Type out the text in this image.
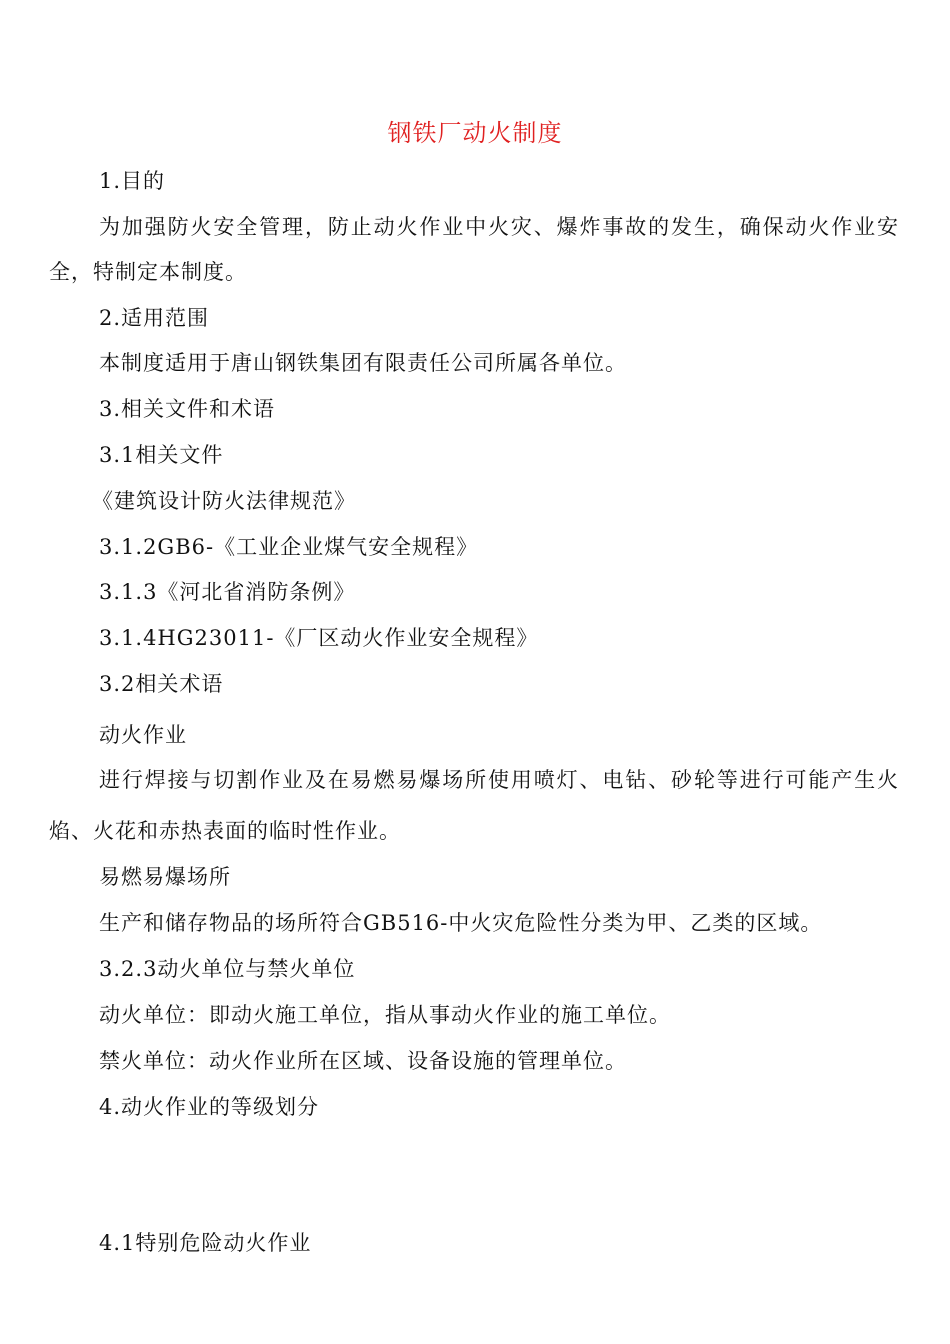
钢铁厂动火制度
1.目的
为加强防火安全管理，防止动火作业中火灾、爆炸事故的发生，确保动火作业安
全，特制定本制度。
2.适用范围
本制度适用于唐山钢铁集团有限责任公司所属各单位。
3.相关文件和术语
3.1相关文件
《建筑设计防火法律规范》
3.1.2GB6-《工业企业煤气安全规程》
3.1.3《河北省消防条例》
3.1.4HG23011-《厂区动火作业安全规程》
3.2相关术语
动火作业
进行焊接与切割作业及在易燃易爆场所使用喷灯、电钻、砂轮等进行可能产生火
焰、火花和赤热表面的临时性作业。
易燃易爆场所
生产和储存物品的场所符合GB516-中火灾危险性分类为甲、乙类的区域。
3.2.3动火单位与禁火单位
动火单位：即动火施工单位，指从事动火作业的施工单位。
禁火单位：动火作业所在区域、设备设施的管理单位。
4.动火作业的等级划分
4.1特别危险动火作业
